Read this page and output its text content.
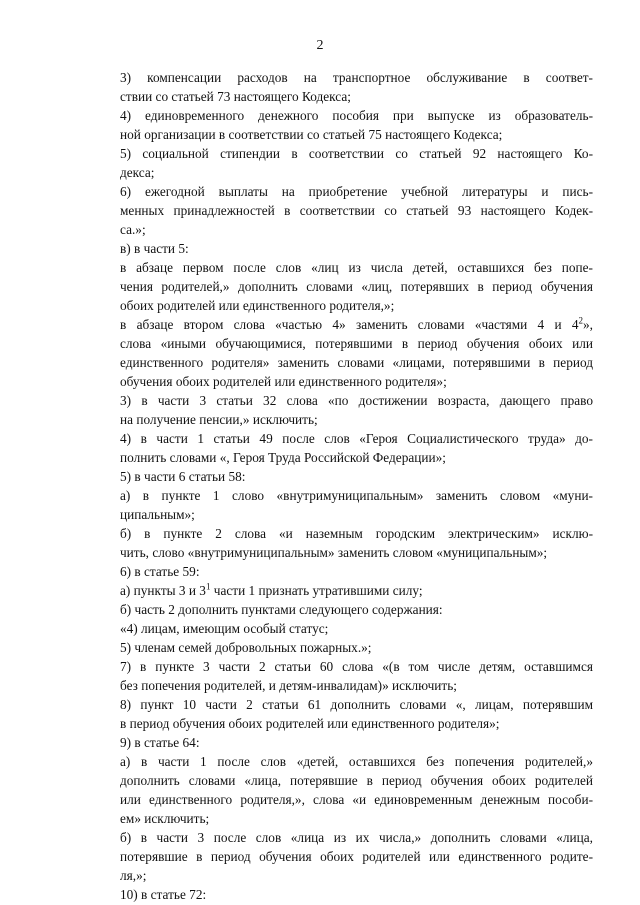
2
3) компенсации расходов на транспортное обслуживание в соответ-
ствии со статьей 73 настоящего Кодекса;
4) единовременного денежного пособия при выпуске из образователь-
ной организации в соответствии со статьей 75 настоящего Кодекса;
5) социальной стипендии в соответствии со статьей 92 настоящего Ко-
декса;
6) ежегодной выплаты на приобретение учебной литературы и пись-
менных принадлежностей в соответствии со статьей 93 настоящего Кодек-
са.»;
в) в части 5:
в абзаце первом после слов «лиц из числа детей, оставшихся без попе-
чения родителей,» дополнить словами «лиц, потерявших в период обучения
обоих родителей или единственного родителя,»;
в абзаце втором слова «частью 4» заменить словами «частями 4 и $4^2$»,
слова «иными обучающимися, потерявшими в период обучения обоих или
единственного родителя» заменить словами «лицами, потерявшими в период
обучения обоих родителей или единственного родителя»;
3) в части 3 статьи 32 слова «по достижении возраста, дающего право
на получение пенсии,» исключить;
4) в части 1 статьи 49 после слов «Героя Социалистического труда» до-
полнить словами «, Героя Труда Российской Федерации»;
5) в части 6 статьи 58:
а) в пункте 1 слово «внутримуниципальным» заменить словом «муни-
ципальным»;
б) в пункте 2 слова «и наземным городским электрическим» исклю-
чить, слово «внутримуниципальным» заменить словом «муниципальным»;
6) в статье 59:
а) пункты 3 и $3^1$ части 1 признать утратившими силу;
б) часть 2 дополнить пунктами следующего содержания:
«4) лицам, имеющим особый статус;
5) членам семей добровольных пожарных.»;
7) в пункте 3 части 2 статьи 60 слова «(в том числе детям, оставшимся
без попечения родителей, и детям-инвалидам)» исключить;
8) пункт 10 части 2 статьи 61 дополнить словами «, лицам, потерявшим
в период обучения обоих родителей или единственного родителя»;
9) в статье 64:
а) в части 1 после слов «детей, оставшихся без попечения родителей,»
дополнить словами «лица, потерявшие в период обучения обоих родителей
или единственного родителя,», слова «и единовременным денежным пособи-
ем» исключить;
б) в части 3 после слов «лица из их числа,» дополнить словами «лица,
потерявшие в период обучения обоих родителей или единственного родите-
ля,»;
10) в статье 72:
